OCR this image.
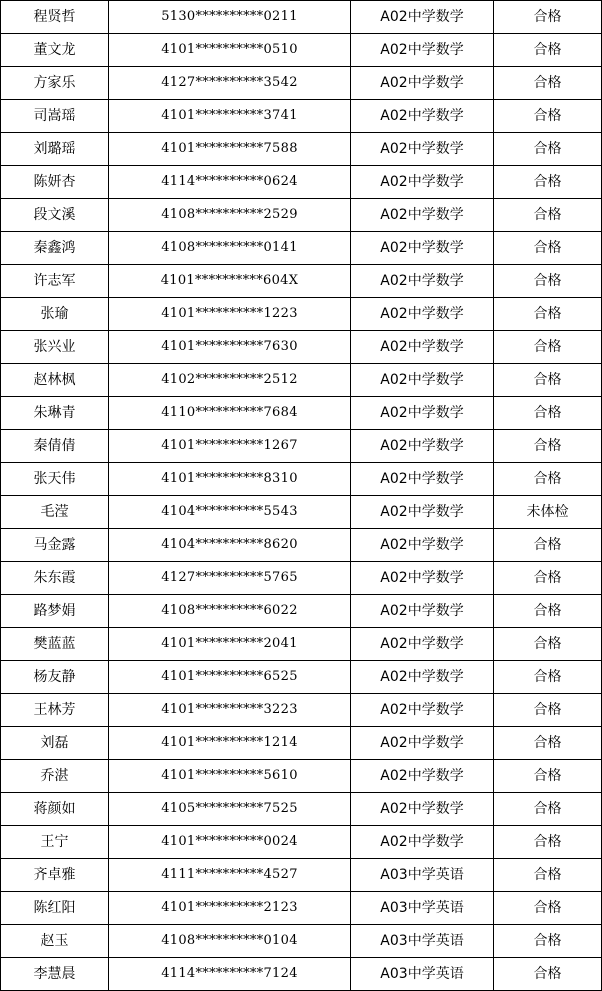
程贤哲	5130**********0211	A02中学数学	合格
董文龙	4101**********0510	A02中学数学	合格
方家乐	4127**********3542	A02中学数学	合格
司嵩瑶	4101**********3741	A02中学数学	合格
刘璐瑶	4101**********7588	A02中学数学	合格
陈妍杏	4114**********0624	A02中学数学	合格
段文溪	4108**********2529	A02中学数学	合格
秦鑫鸿	4108**********0141	A02中学数学	合格
许志军	4101**********604X	A02中学数学	合格
张瑜	4101**********1223	A02中学数学	合格
张兴业	4101**********7630	A02中学数学	合格
赵林枫	4102**********2512	A02中学数学	合格
朱琳青	4110**********7684	A02中学数学	合格
秦倩倩	4101**********1267	A02中学数学	合格
张天伟	4101**********8310	A02中学数学	合格
毛滢	4104**********5543	A02中学数学	未体检
马金露	4104**********8620	A02中学数学	合格
朱东霞	4127**********5765	A02中学数学	合格
路梦娟	4108**********6022	A02中学数学	合格
樊蓝蓝	4101**********2041	A02中学数学	合格
杨友静	4101**********6525	A02中学数学	合格
王林芳	4101**********3223	A02中学数学	合格
刘磊	4101**********1214	A02中学数学	合格
乔湛	4101**********5610	A02中学数学	合格
蒋颜如	4105**********7525	A02中学数学	合格
王宁	4101**********0024	A02中学数学	合格
齐卓雅	4111**********4527	A03中学英语	合格
陈红阳	4101**********2123	A03中学英语	合格
赵玉	4108**********0104	A03中学英语	合格
李慧晨	4114**********7124	A03中学英语	合格
